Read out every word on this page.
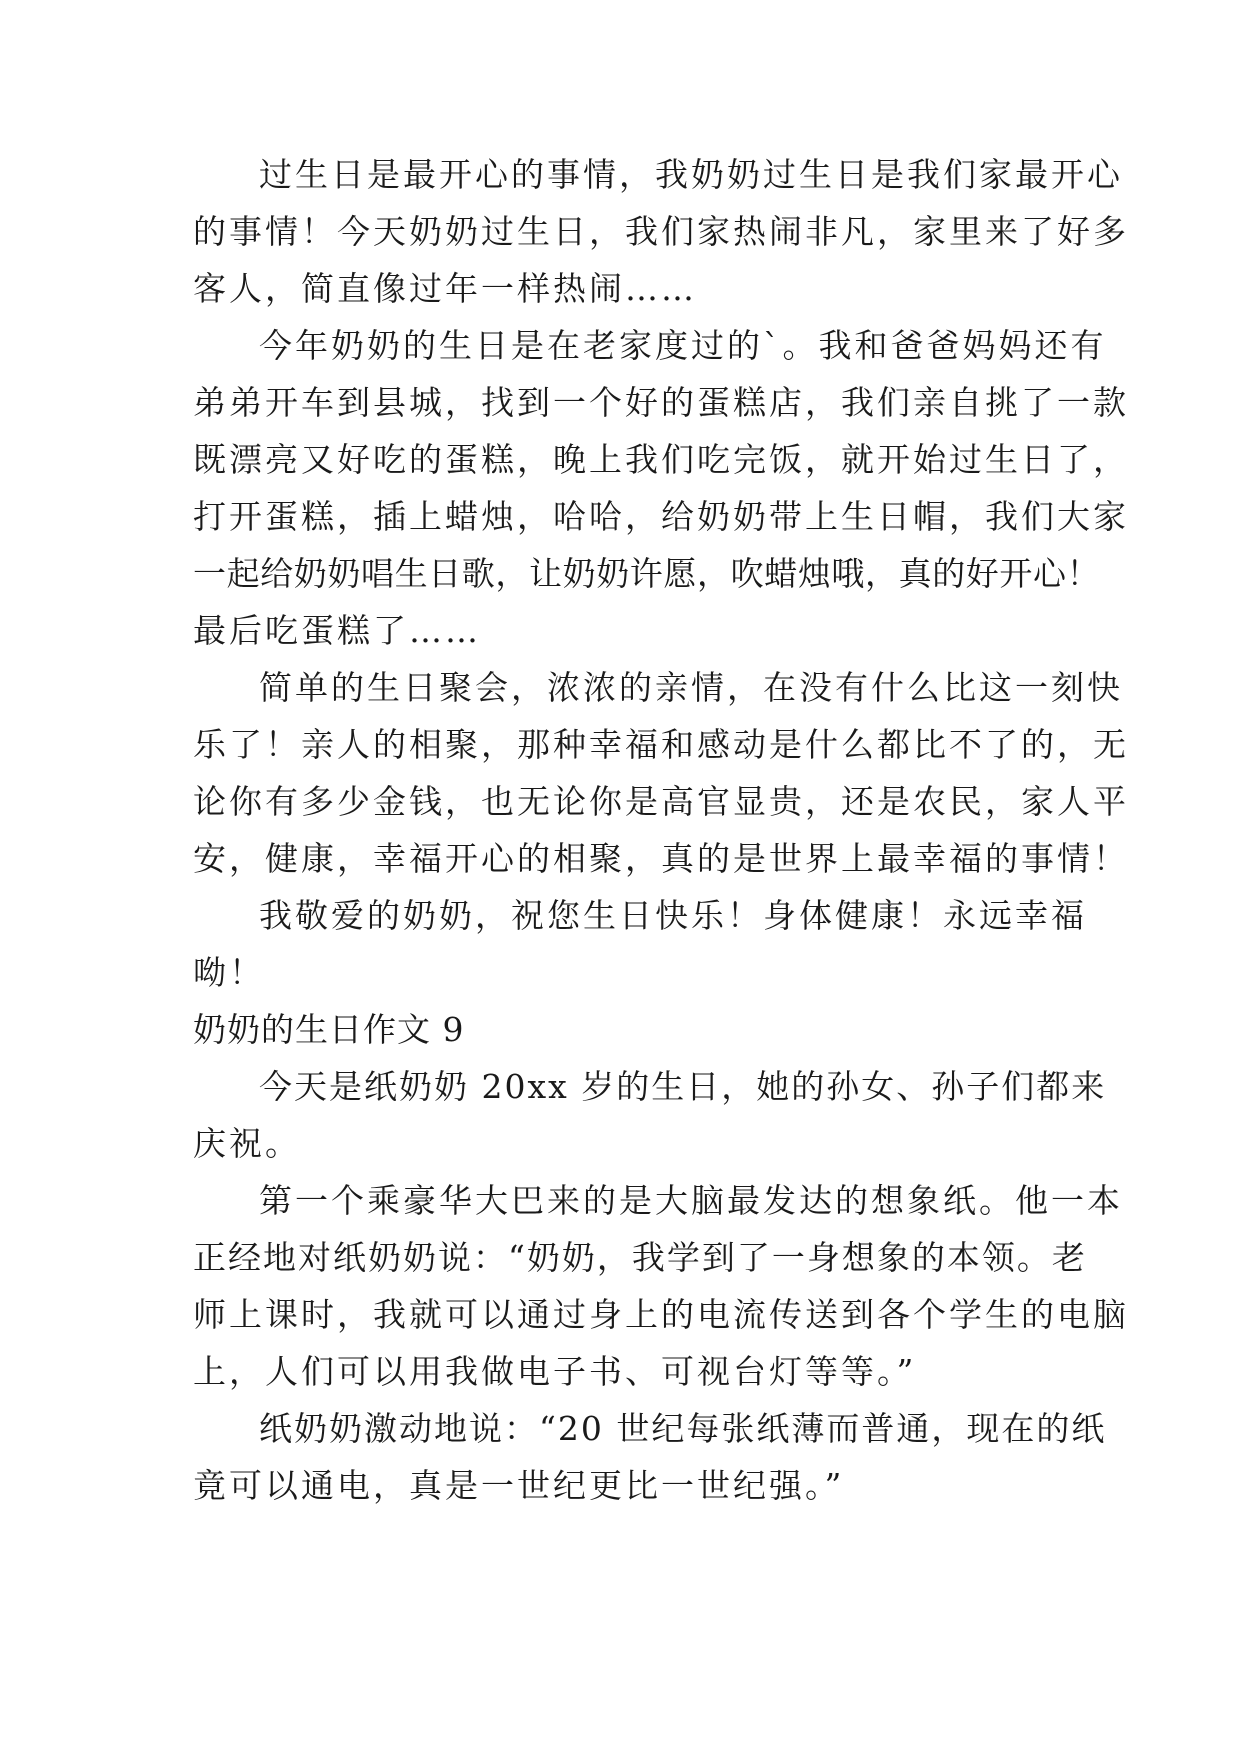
过生日是最开心的事情，我奶奶过生日是我们家最开心
的事情！今天奶奶过生日，我们家热闹非凡，家里来了好多
客人，简直像过年一样热闹……
今年奶奶的生日是在老家度过的`。我和爸爸妈妈还有
弟弟开车到县城，找到一个好的蛋糕店，我们亲自挑了一款
既漂亮又好吃的蛋糕，晚上我们吃完饭，就开始过生日了，
打开蛋糕，插上蜡烛，哈哈，给奶奶带上生日帽，我们大家
一起给奶奶唱生日歌，让奶奶许愿，吹蜡烛哦，真的好开心！
最后吃蛋糕了……
简单的生日聚会，浓浓的亲情，在没有什么比这一刻快
乐了！亲人的相聚，那种幸福和感动是什么都比不了的，无
论你有多少金钱，也无论你是高官显贵，还是农民，家人平
安，健康，幸福开心的相聚，真的是世界上最幸福的事情！
我敬爱的奶奶，祝您生日快乐！身体健康！永远幸福
呦！
奶奶的生日作文 9
今天是纸奶奶 20xx 岁的生日，她的孙女、孙子们都来
庆祝。
第一个乘豪华大巴来的是大脑最发达的想象纸。他一本
正经地对纸奶奶说：“奶奶，我学到了一身想象的本领。老
师上课时，我就可以通过身上的电流传送到各个学生的电脑
上，人们可以用我做电子书、可视台灯等等。”
纸奶奶激动地说：“20 世纪每张纸薄而普通，现在的纸
竟可以通电，真是一世纪更比一世纪强。”
